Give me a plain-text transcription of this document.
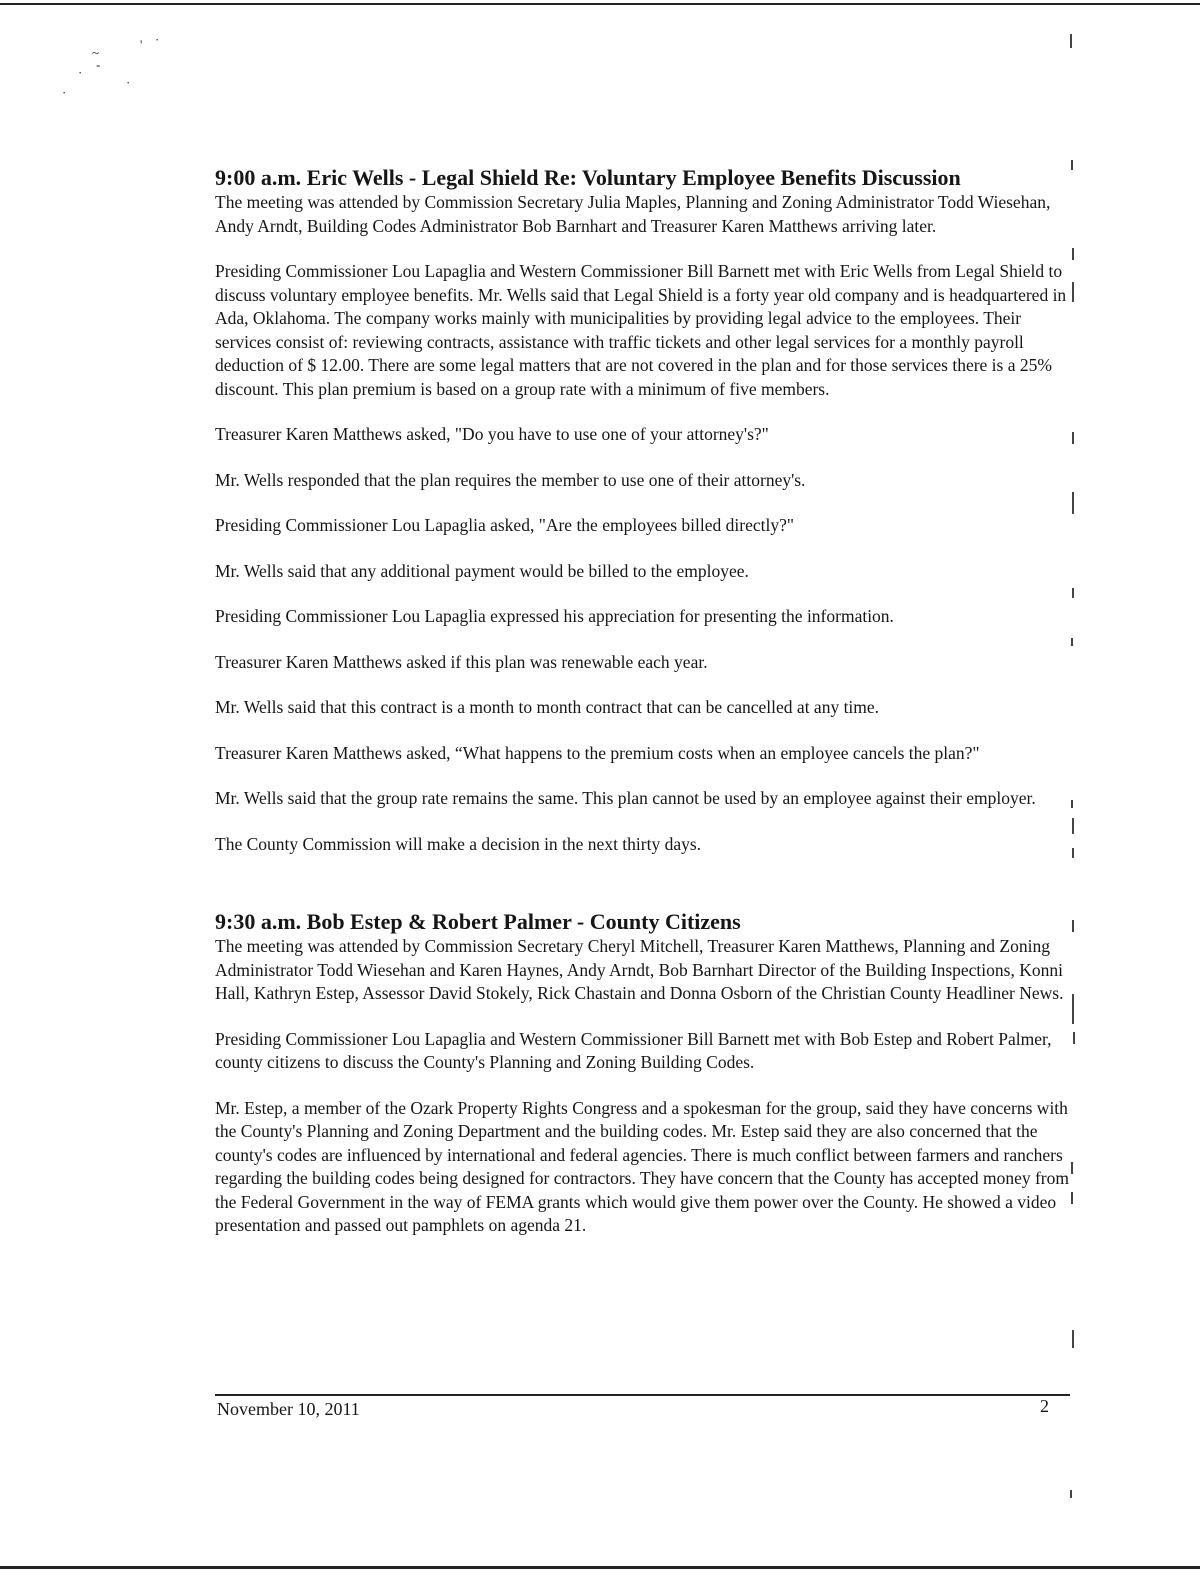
~
' ·
-
·
·
·
9:00 a.m. Eric Wells - Legal Shield Re: Voluntary Employee Benefits Discussion

The meeting was attended by Commission Secretary Julia Maples, Planning and Zoning Administrator Todd Wiesehan, Andy Arndt, Building Codes Administrator Bob Barnhart and Treasurer Karen Matthews arriving later.

Presiding Commissioner Lou Lapaglia and Western Commissioner Bill Barnett met with Eric Wells from Legal Shield to discuss voluntary employee benefits. Mr. Wells said that Legal Shield is a forty year old company and is headquartered in Ada, Oklahoma. The company works mainly with municipalities by providing legal advice to the employees. Their services consist of: reviewing contracts, assistance with traffic tickets and other legal services for a monthly payroll deduction of $ 12.00. There are some legal matters that are not covered in the plan and for those services there is a 25% discount. This plan premium is based on a group rate with a minimum of five members.

Treasurer Karen Matthews asked, "Do you have to use one of your attorney's?"

Mr. Wells responded that the plan requires the member to use one of their attorney's.

Presiding Commissioner Lou Lapaglia asked, "Are the employees billed directly?"

Mr. Wells said that any additional payment would be billed to the employee.

Presiding Commissioner Lou Lapaglia expressed his appreciation for presenting the information.

Treasurer Karen Matthews asked if this plan was renewable each year.

Mr. Wells said that this contract is a month to month contract that can be cancelled at any time.

Treasurer Karen Matthews asked, “What happens to the premium costs when an employee cancels the plan?"

Mr. Wells said that the group rate remains the same. This plan cannot be used by an employee against their employer.

The County Commission will make a decision in the next thirty days.

9:30 a.m. Bob Estep & Robert Palmer - County Citizens

The meeting was attended by Commission Secretary Cheryl Mitchell, Treasurer Karen Matthews, Planning and Zoning Administrator Todd Wiesehan and Karen Haynes, Andy Arndt, Bob Barnhart Director of the Building Inspections, Konni Hall, Kathryn Estep, Assessor David Stokely, Rick Chastain and Donna Osborn of the Christian County Headliner News.

Presiding Commissioner Lou Lapaglia and Western Commissioner Bill Barnett met with Bob Estep and Robert Palmer, county citizens to discuss the County's Planning and Zoning Building Codes.

Mr. Estep, a member of the Ozark Property Rights Congress and a spokesman for the group, said they have concerns with the County's Planning and Zoning Department and the building codes. Mr. Estep said they are also concerned that the county's codes are influenced by international and federal agencies. There is much conflict between farmers and ranchers regarding the building codes being designed for contractors. They have concern that the County has accepted money from the Federal Government in the way of FEMA grants which would give them power over the County. He showed a video presentation and passed out pamphlets on agenda 21.

November 10, 2011	2
